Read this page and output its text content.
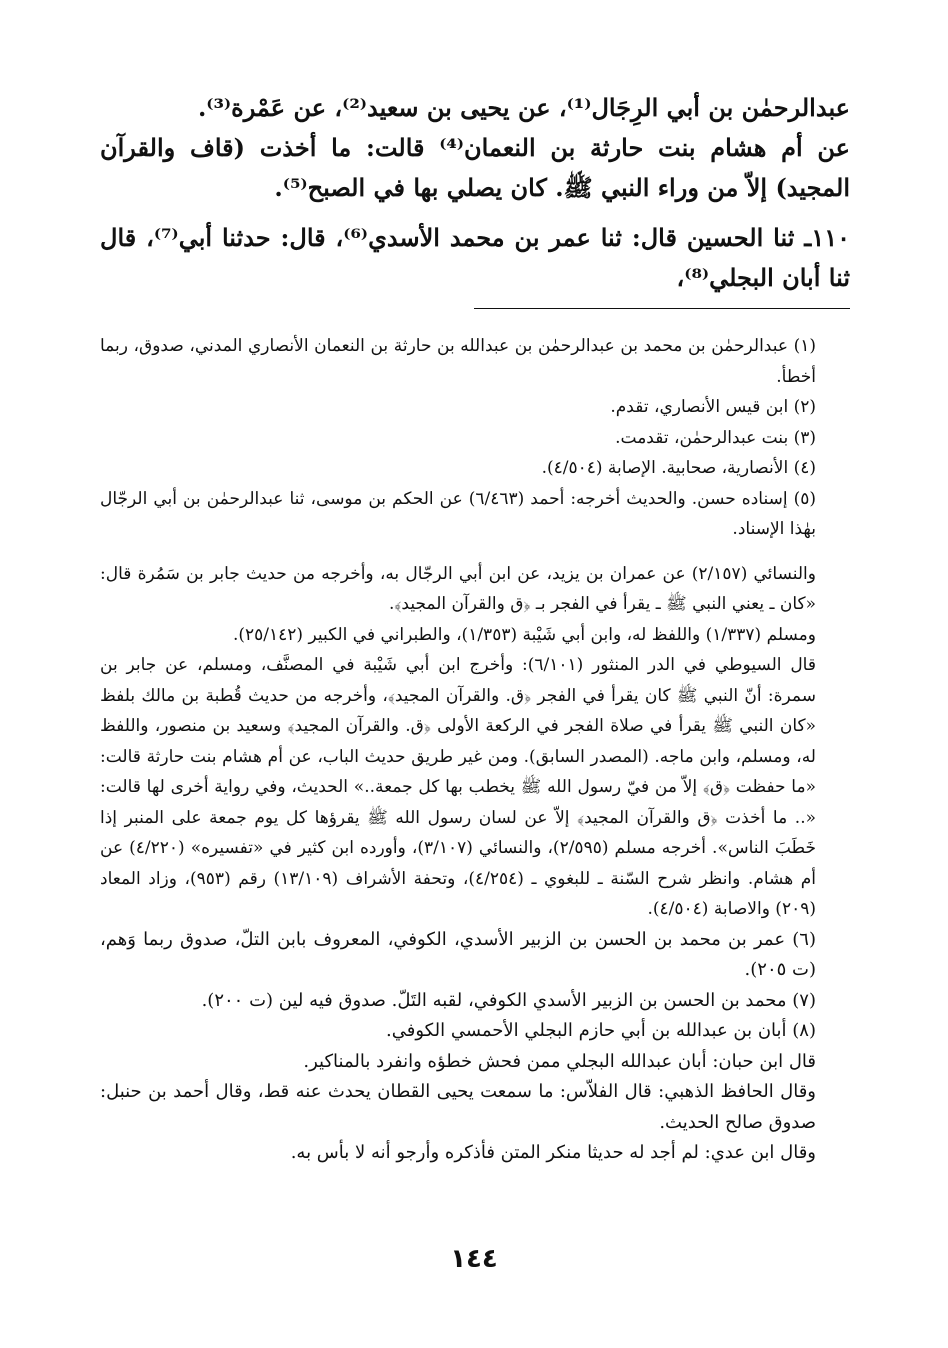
عبدالرحمٰن بن أبي الرِجَال⁽¹⁾، عن يحيى بن سعيد⁽²⁾، عن عَمْرة⁽³⁾.

عن أم هشام بنت حارثة بن النعمان⁽⁴⁾ قالت: ما أخذت (قاف والقرآن المجيد) إلاّ من وراء النبي ﷺ. كان يصلي بها في الصبح⁽⁵⁾.

١١٠ـ ثنا الحسين قال: ثنا عمر بن محمد الأسدي⁽⁶⁾، قال: حدثنا أبي⁽⁷⁾، قال ثنا أبان البجلي⁽⁸⁾،

(١) عبدالرحمٰن بن محمد بن عبدالرحمٰن بن عبدالله بن حارثة بن النعمان الأنصاري المدني، صدوق، ربما أخطأ.

(٢) ابن قيس الأنصاري، تقدم.

(٣) بنت عبدالرحمٰن، تقدمت.

(٤) الأنصارية، صحابية. الإصابة (٤/٥٠٤).

(٥) إسناده حسن. والحديث أخرجه: أحمد (٦/٤٦٣) عن الحكم بن موسى، ثنا عبدالرحمٰن بن أبي الرجّال بهٰذا الإسناد.

والنسائي (٢/١٥٧) عن عمران بن يزيد، عن ابن أبي الرجّال به، وأخرجه من حديث جابر بن سَمُرة قال: «كان ـ يعني النبي ﷺ ـ يقرأ في الفجر بـ ﴿ق والقرآن المجيد﴾.

ومسلم (١/٣٣٧) واللفظ له، وابن أبي شَيْبة (١/٣٥٣)، والطبراني في الكبير (٢٥/١٤٢).

قال السيوطي في الدر المنثور (٦/١٠١): وأخرج ابن أبي شَيْبة في المصنَّف، ومسلم، عن جابر بن سمرة: أنّ النبي ﷺ كان يقرأ في الفجر ﴿ق. والقرآن المجيد﴾، وأخرجه من حديث قُطبة بن مالك بلفظ «كان النبي ﷺ يقرأ في صلاة الفجر في الركعة الأولى ﴿ق. والقرآن المجيد﴾ وسعيد بن منصور، واللفظ له، ومسلم، وابن ماجه. (المصدر السابق). ومن غير طريق حديث الباب، عن أم هشام بنت حارثة قالت: «ما حفظت ﴿ق﴾ إلاّ من فيّ رسول الله ﷺ يخطب بها كل جمعة..» الحديث، وفي رواية أخرى لها قالت: «.. ما أخذت ﴿ق والقرآن المجيد﴾ إلاّ عن لسان رسول الله ﷺ يقرؤها كل يوم جمعة على المنبر إذا خَطَبَ الناس». أخرجه مسلم (٢/٥٩٥)، والنسائي (٣/١٠٧)، وأورده ابن كثير في «تفسيره» (٤/٢٢٠) عن أم هشام. وانظر شرح السّنة ـ للبغوي ـ (٤/٢٥٤)، وتحفة الأشراف (١٣/١٠٩) رقم (٩٥٣)، وزاد المعاد (٢٠٩) والاصابة (٤/٥٠٤).

(٦) عمر بن محمد بن الحسن بن الزبير الأسدي، الكوفي، المعروف بابن التلّ، صدوق ربما وَهم، (ت ٢٠٥).

(٧) محمد بن الحسن بن الزبير الأسدي الكوفي، لقبه التَلّ. صدوق فيه لين (ت ٢٠٠).

(٨) أبان بن عبدالله بن أبي حازم البجلي الأحمسي الكوفي.

قال ابن حبان: أبان عبدالله البجلي ممن فحش خطؤه وانفرد بالمناكير.

وقال الحافظ الذهبي: قال الفلاّس: ما سمعت يحيى القطان يحدث عنه قط، وقال أحمد بن حنبل: صدوق صالح الحديث.

وقال ابن عدي: لم أجد له حديثا منكر المتن فأذكره وأرجو أنه لا بأس به.

١٤٤
